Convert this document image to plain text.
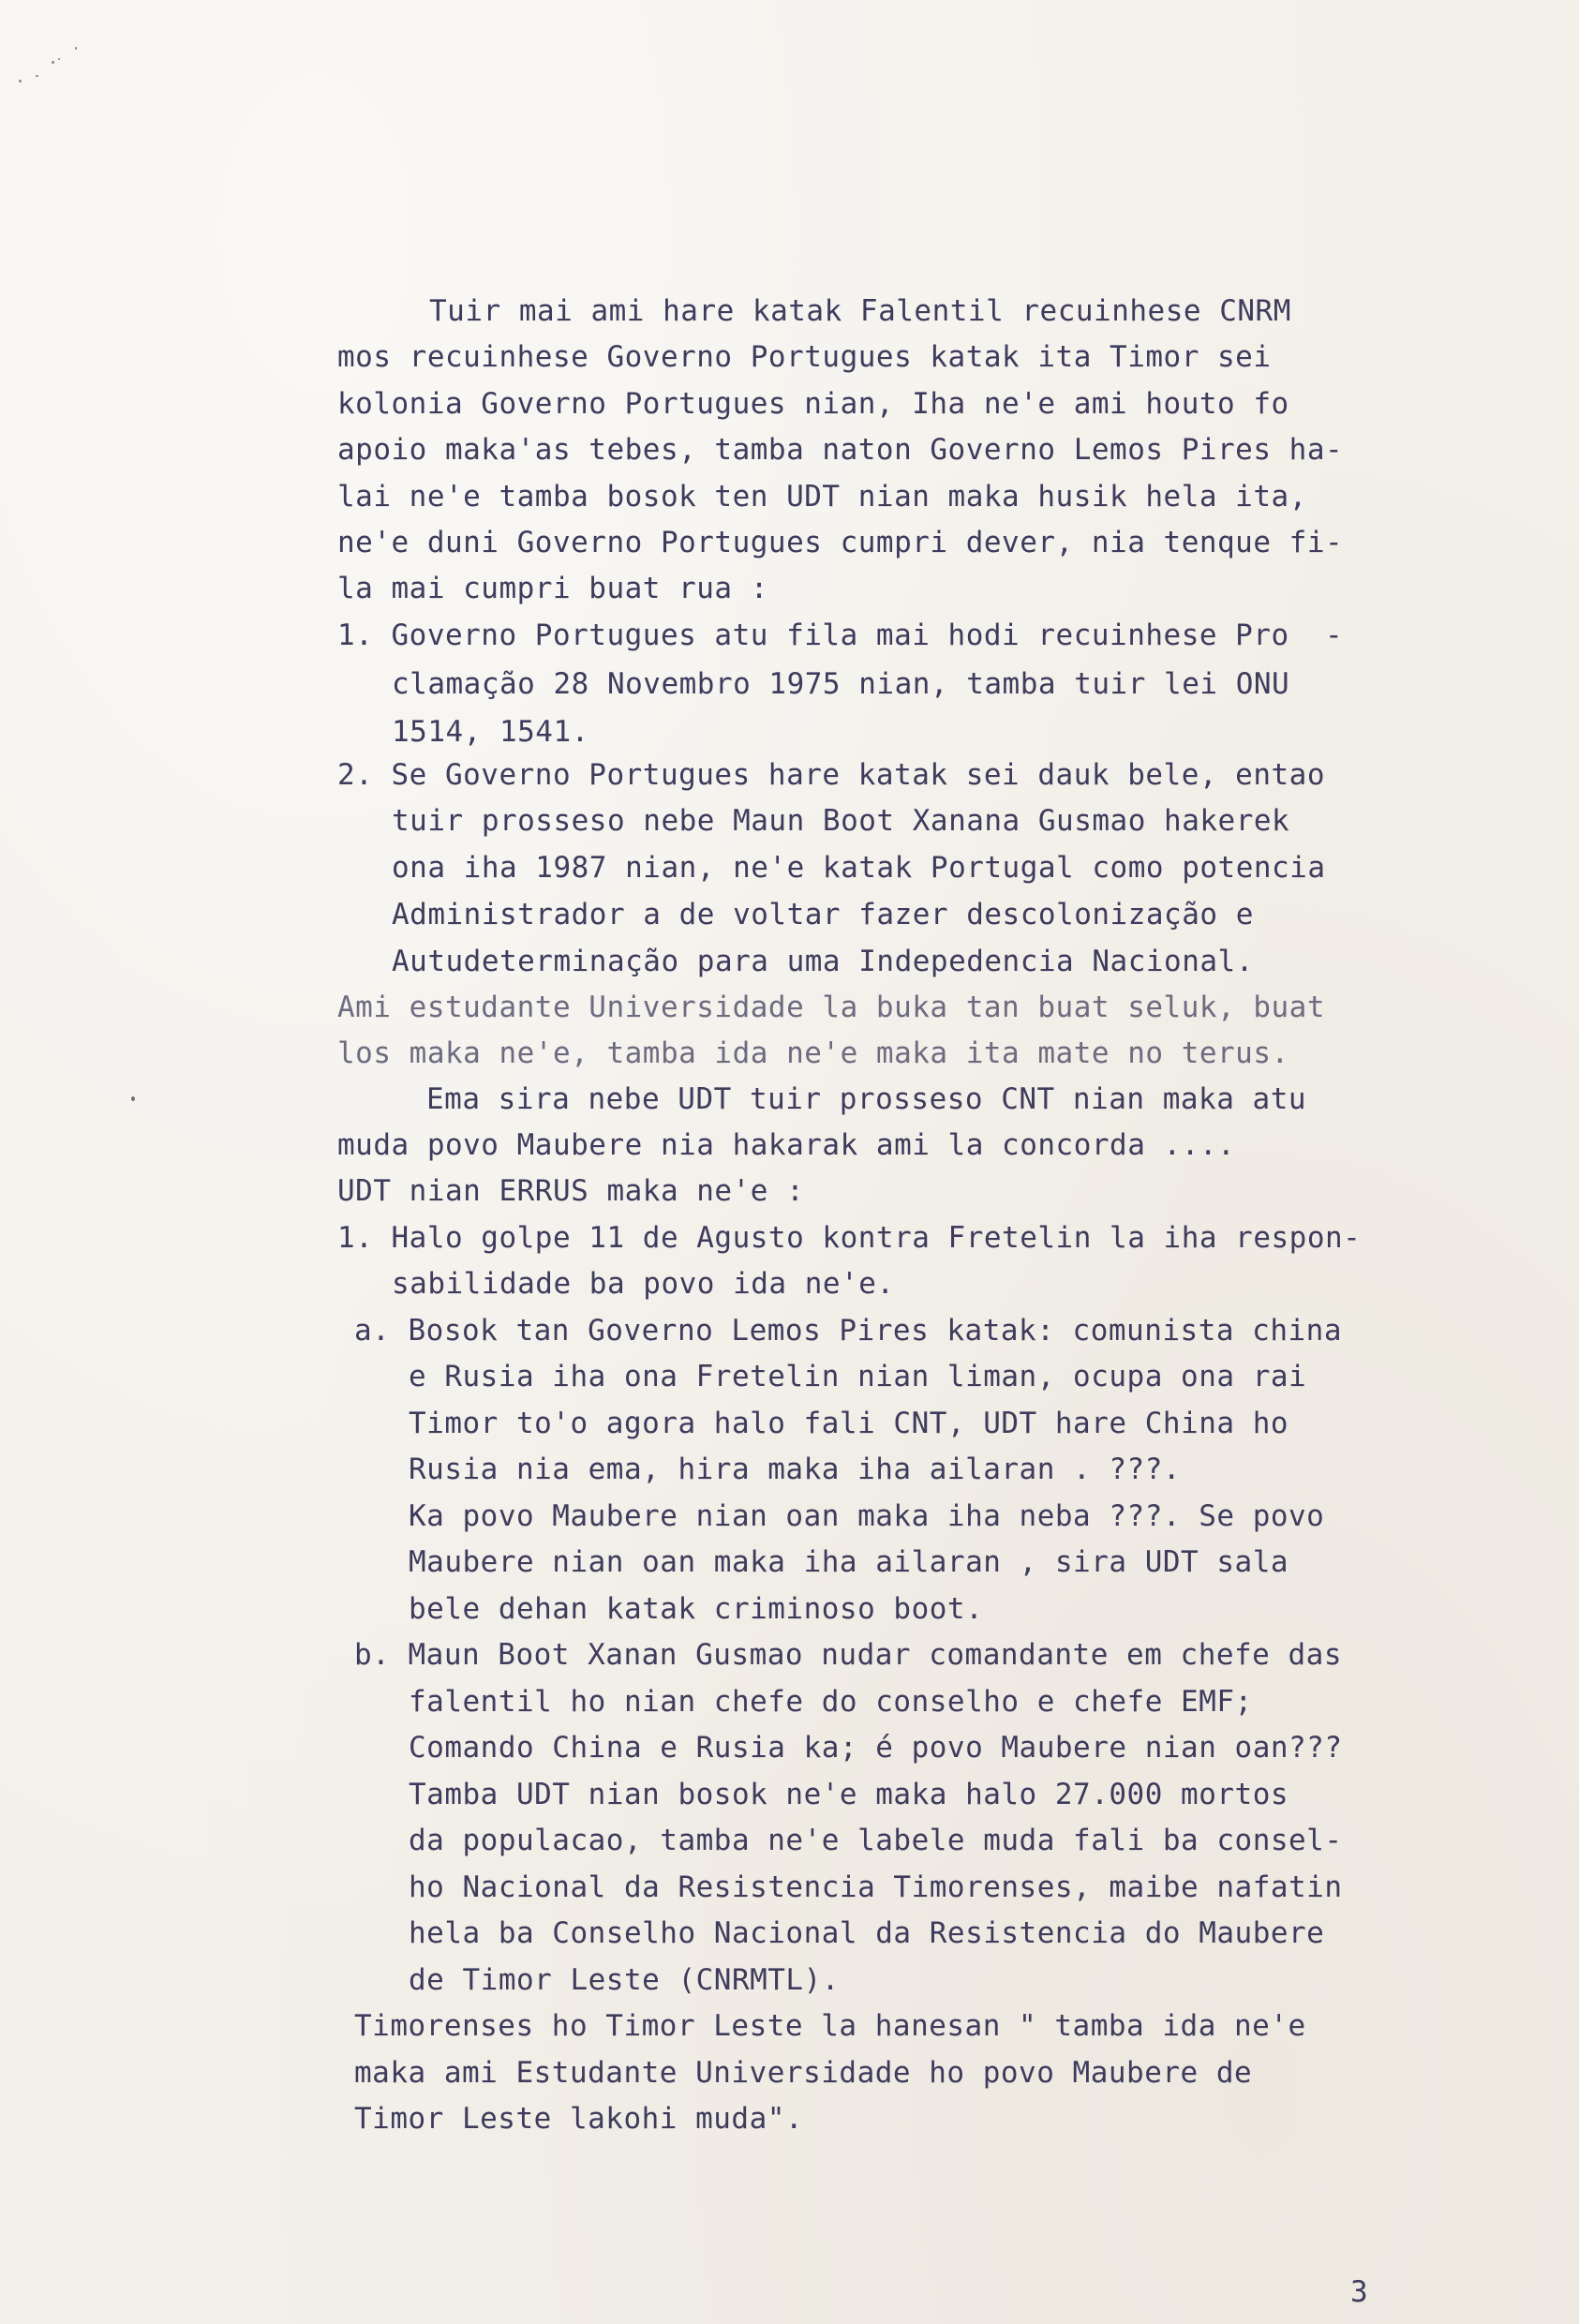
Tuir mai ami hare katak Falentil recuinhese CNRM
mos recuinhese Governo Portugues katak ita Timor sei
kolonia Governo Portugues nian, Iha ne'e ami houto fo
apoio maka'as tebes, tamba naton Governo Lemos Pires ha-
lai ne'e tamba bosok ten UDT nian maka husik hela ita,
ne'e duni Governo Portugues cumpri dever, nia tenque fi-
la mai cumpri buat rua :
1. Governo Portugues atu fila mai hodi recuinhese Pro  -
clamação 28 Novembro 1975 nian, tamba tuir lei ONU
1514, 1541.
2. Se Governo Portugues hare katak sei dauk bele, entao
tuir prosseso nebe Maun Boot Xanana Gusmao hakerek
ona iha 1987 nian, ne'e katak Portugal como potencia
Administrador a de voltar fazer descolonização e
Autudeterminação para uma Indepedencia Nacional.
Ami estudante Universidade la buka tan buat seluk, buat
los maka ne'e, tamba ida ne'e maka ita mate no terus.
Ema sira nebe UDT tuir prosseso CNT nian maka atu
muda povo Maubere nia hakarak ami la concorda ....
UDT nian ERRUS maka ne'e :
1. Halo golpe 11 de Agusto kontra Fretelin la iha respon-
sabilidade ba povo ida ne'e.
a. Bosok tan Governo Lemos Pires katak: comunista china
e Rusia iha ona Fretelin nian liman, ocupa ona rai
Timor to'o agora halo fali CNT, UDT hare China ho
Rusia nia ema, hira maka iha ailaran . ???.
Ka povo Maubere nian oan maka iha neba ???. Se povo
Maubere nian oan maka iha ailaran , sira UDT sala
bele dehan katak criminoso boot.
b. Maun Boot Xanan Gusmao nudar comandante em chefe das
falentil ho nian chefe do conselho e chefe EMF;
Comando China e Rusia ka; é povo Maubere nian oan???
Tamba UDT nian bosok ne'e maka halo 27.000 mortos
da populacao, tamba ne'e labele muda fali ba consel-
ho Nacional da Resistencia Timorenses, maibe nafatin
hela ba Conselho Nacional da Resistencia do Maubere
de Timor Leste (CNRMTL).
Timorenses ho Timor Leste la hanesan " tamba ida ne'e
maka ami Estudante Universidade ho povo Maubere de
Timor Leste lakohi muda".
3
